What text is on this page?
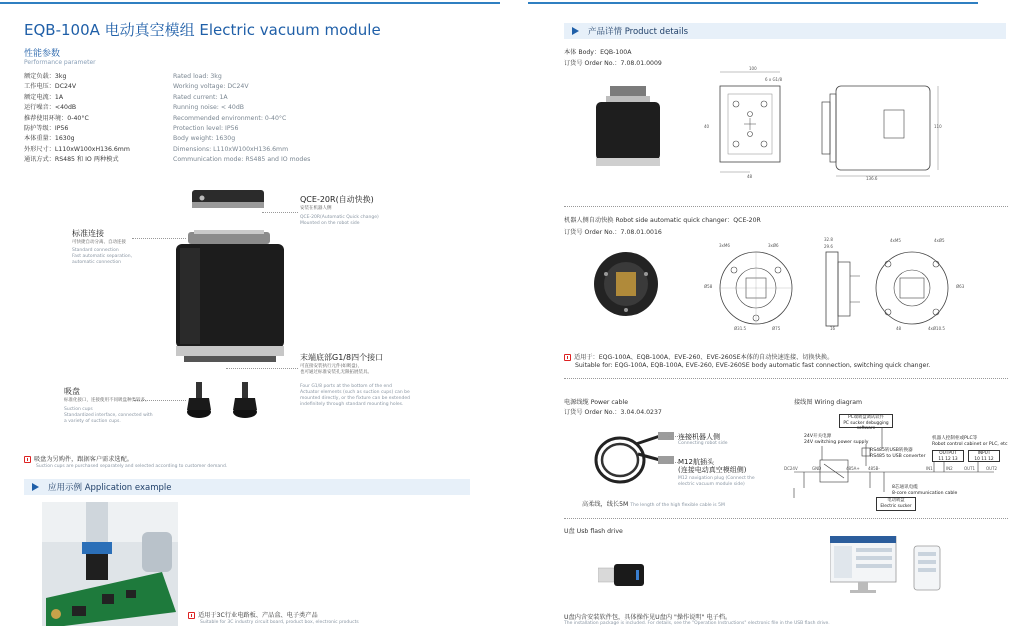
EQB-100A 电动真空模组 Electric vacuum module
性能参数
Performance parameter
额定负载：3kg
工作电压：DC24V
额定电流：1A
运行噪音：<40dB
推荐使用环境：0-40°C
防护等级：IP56
本体重量：1630g
外形尺寸：L110xW100xH136.6mm
通讯方式：RS485 和 IO 两种模式
Rated load: 3kg
Working voltage: DC24V
Rated current: 1A
Running noise: < 40dB
Recommended environment: 0-40°C
Protection level: IP56
Body weight: 1630g
Dimensions: L110xW100xH136.6mm
Communication mode: RS485 and IO modes
QCE-20R(自动快换)
安装在机器人侧
QCE-20R(Automatic Quick change)
Mounted on the robot side
标准连接
可快捷自动分离、自动连接
Standard connection
Fast automatic separation,
automatic connection
末端底部G1/8四个接口
可直接安装执行元件(如吸盘)，
也可通过标准安装孔无限拓展装具。
Four G1/8 ports at the bottom of the end
Actuator elements (such as suction cups) can be
mounted directly, or the fixture can be extended
indefinitely through standard mounting holes.
吸盘
标准化接口，连接使用不同吸盘种类较多。
Suction cups
Standardized interface, connected with
a variety of suction cups.
吸盘为另购件，跟据客户需求选配。
Suction cups are purchased separately and selected according to customer demand.
应用示例 Application example
适用于3C行业电路板、产品盒、电子类产品
Suitable for 3C industry circuit board, product box, electronic products
产品详情 Product details
本体 Body：EQB-100A
订货号 Order No.：7.08.01.0009
100
6 x G1/8
40
48	136.6
110
机器人侧自动快换 Robot side automatic quick changer：QCE-20R
订货号 Order No.：7.08.01.0016
3xM6	3xØ6
Ø58
Ø31.5	Ø75
32.8
29.6
16
4xM5	4xØ5
48	4xØ10.5
Ø63
适用于：EQG-100A、EQB-100A、EVE-260、EVE-260SE本体的自动快速连接、切换快换。
Suitable for: EQG-100A, EQB-100A, EVE-260, EVE-260SE body automatic fast connection, switching quick changer.
电源线缆 Power cable
订货号 Order No.：3.04.04.0237
连接机器人侧
Connecting robot side
M12航插头
(连接电动真空模组侧)
M12 navigation plug (Connect the
electric vacuum module side)
高柔线，线长5M The length of the high flexible cable is 5M
接线图 Wiring diagram
PC端吸盘调试软件
PC sucker debugging software
24V开关电源
24V switching power supply
RS485转USB转换器
RS485 to USB converter
机器人控制柜或PLC等
Robot control cabinet or PLC, etc
OUTPUT
11 12 13
INPUT
10 11 12
DC24V	GND	485A+ 485B-	IN1	IN2	OUT1	OUT2
8芯通讯电缆
8-core communication cable
电动吸盘
Electric sucker
U盘 Usb flash drive
U盘内含安装软件包，具体操作见U盘内 "操作说明" 电子档。
The installation package is included. For details, see the "Operation Instructions" electronic file in the USB flash drive.
